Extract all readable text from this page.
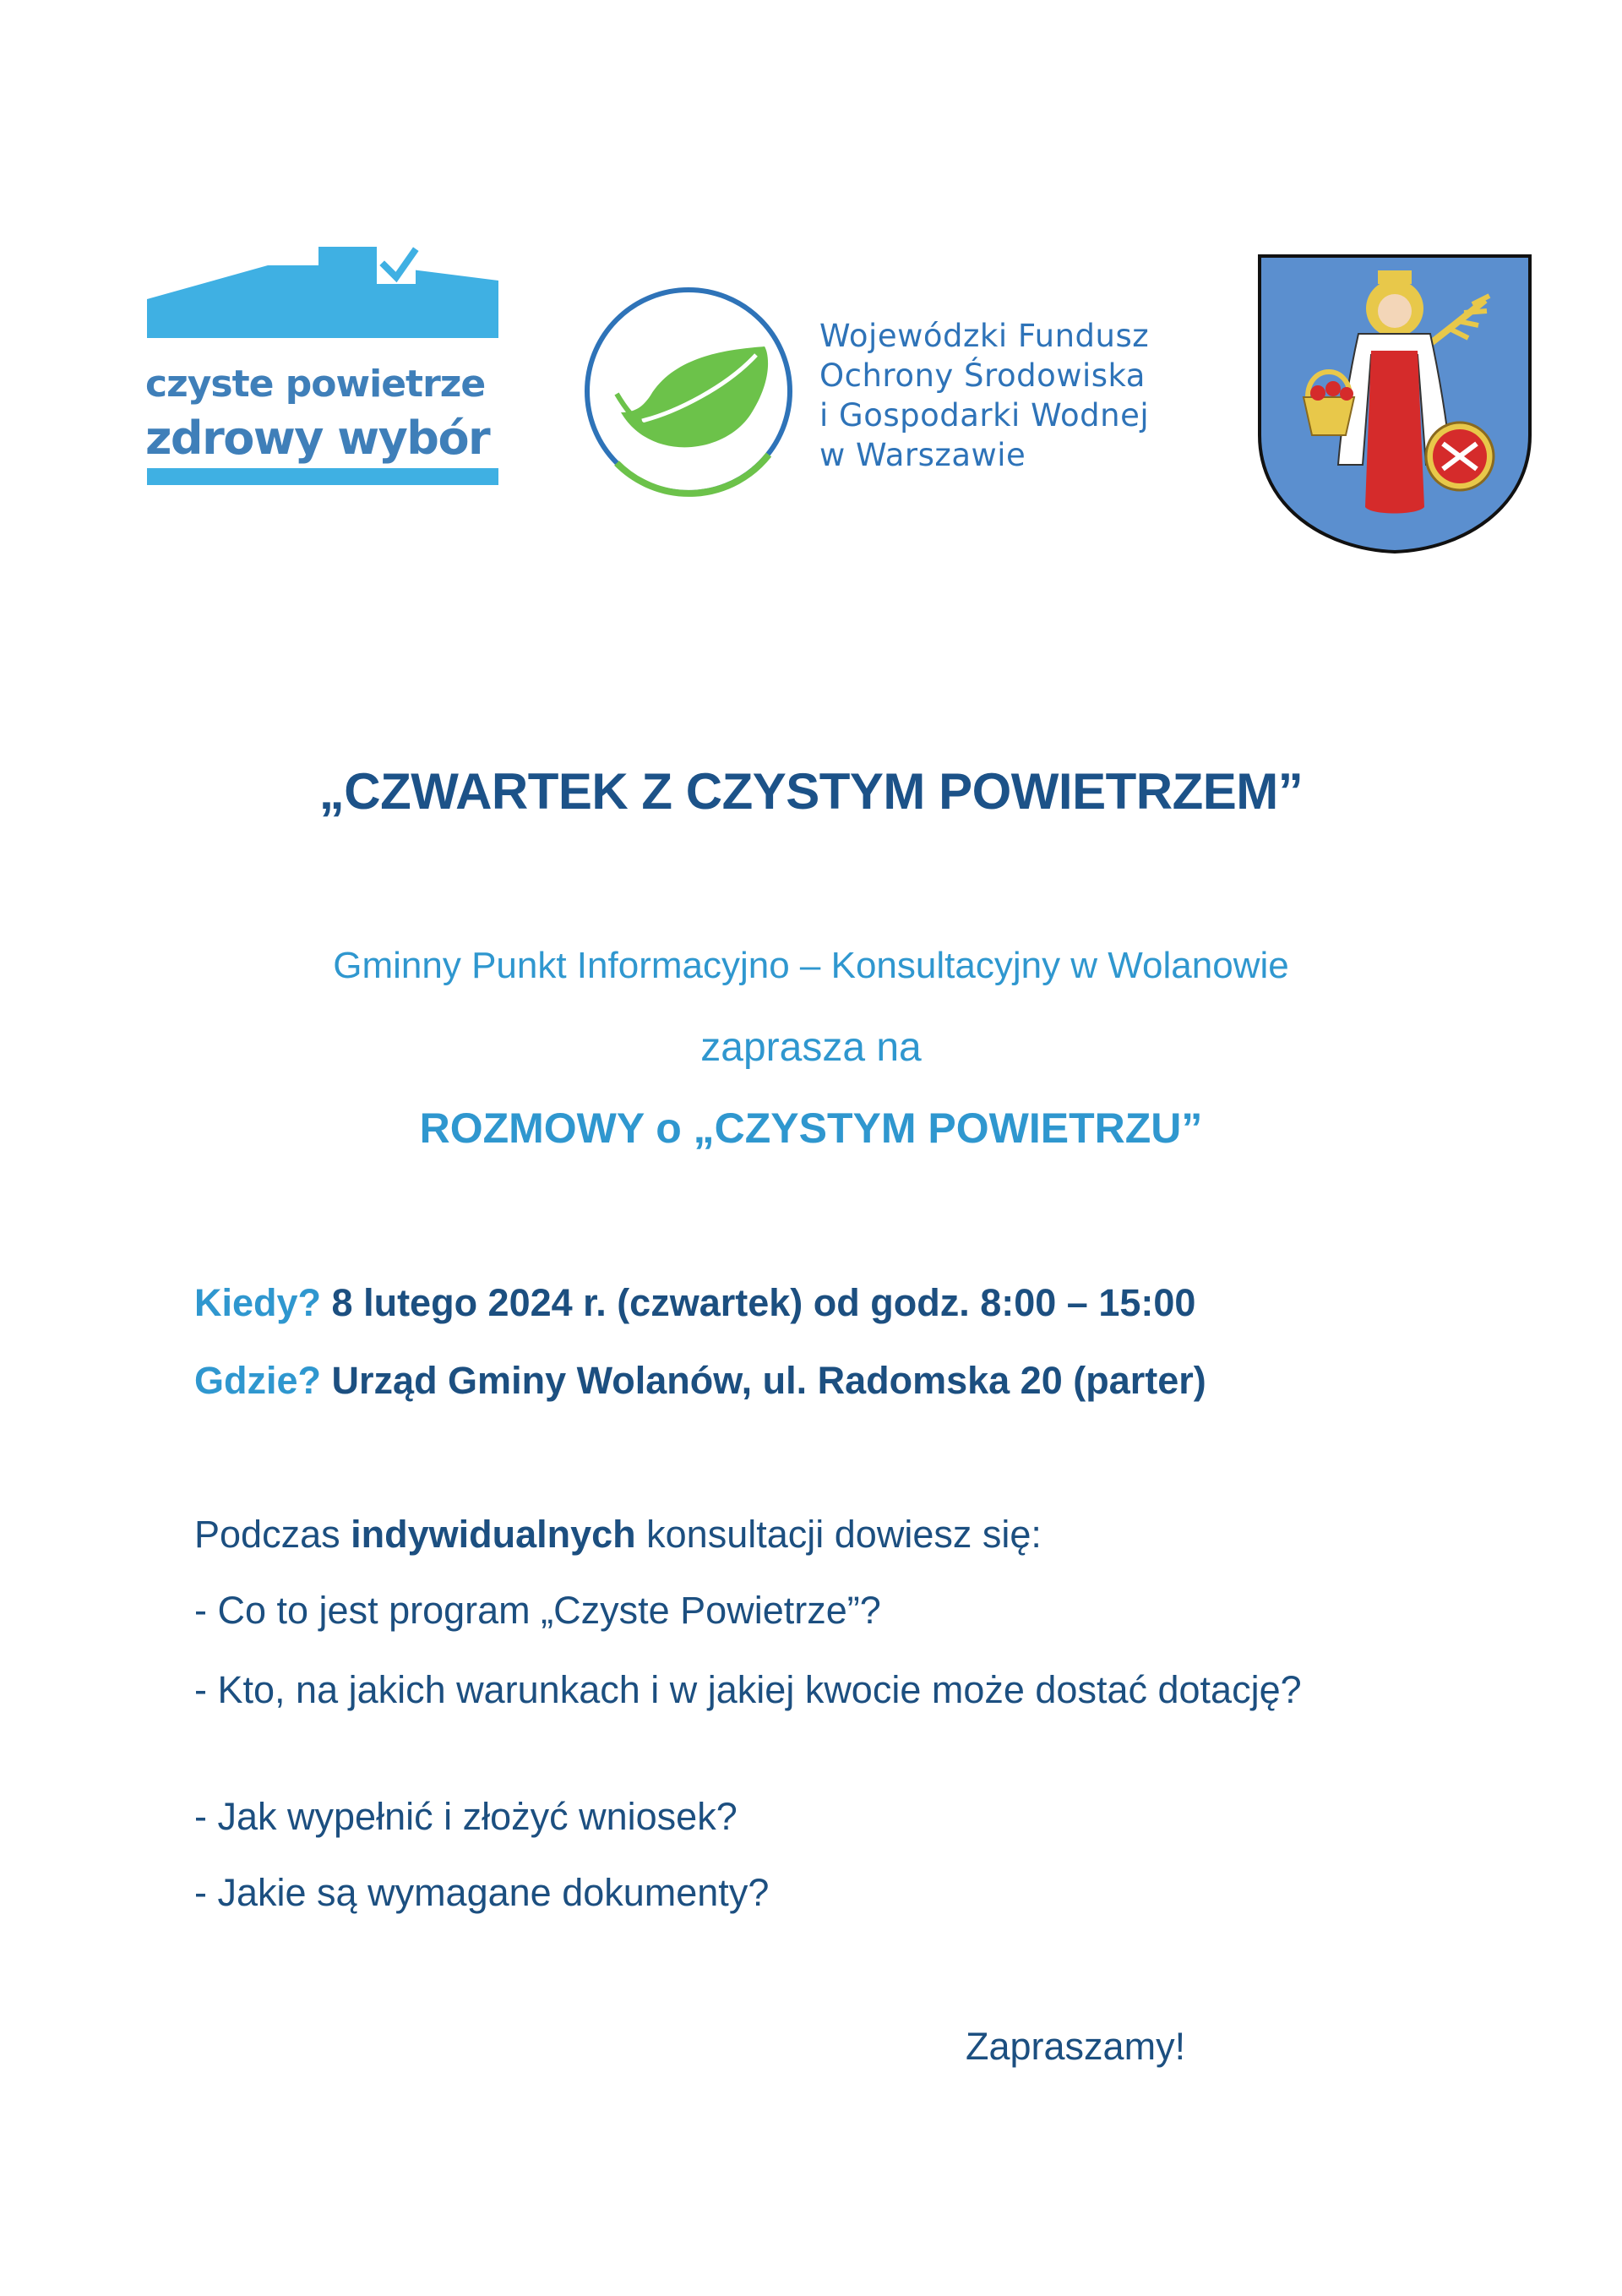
czyste powietrze
zdrowy wybór
Wojewódzki Fundusz
Ochrony Środowiska
i Gospodarki Wodnej
w Warszawie
„CZWARTEK Z CZYSTYM POWIETRZEM”
Gminny Punkt Informacyjno – Konsultacyjny w Wolanowie
zaprasza na
ROZMOWY o „CZYSTYM POWIETRZU”
Kiedy? 8 lutego 2024 r. (czwartek) od godz. 8:00 – 15:00
Gdzie? Urząd Gminy Wolanów, ul. Radomska 20 (parter)
Podczas indywidualnych konsultacji dowiesz się:
- Co to jest program „Czyste Powietrze”?
- Kto, na jakich warunkach i w jakiej kwocie może dostać dotację?
- Jak wypełnić i złożyć wniosek?
- Jakie są wymagane dokumenty?
Zapraszamy!
